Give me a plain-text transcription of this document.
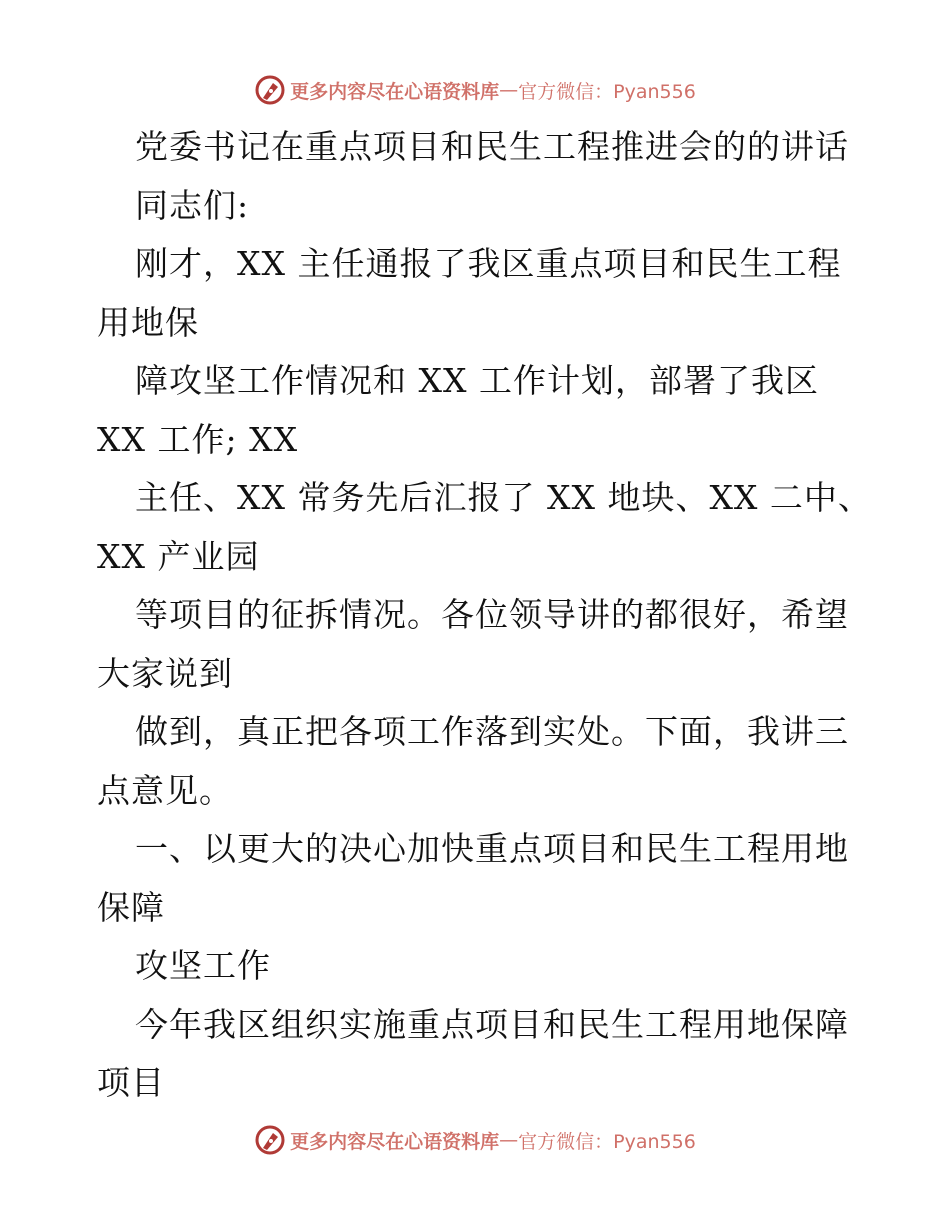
更多内容尽在心语资料库 — 官方微信：Pyan556
党委书记在重点项目和民生工程推进会的的讲话
同志们:
刚才，XX 主任通报了我区重点项目和民生工程
用地保
障攻坚工作情况和 XX 工作计划，部署了我区
XX 工作; XX
主任、XX 常务先后汇报了 XX 地块、XX 二中、
XX 产业园
等项目的征拆情况。各位领导讲的都很好，希望
大家说到
做到，真正把各项工作落到实处。下面，我讲三
点意见。
一、以更大的决心加快重点项目和民生工程用地
保障
攻坚工作
今年我区组织实施重点项目和民生工程用地保障
项目
更多内容尽在心语资料库 — 官方微信：Pyan556
